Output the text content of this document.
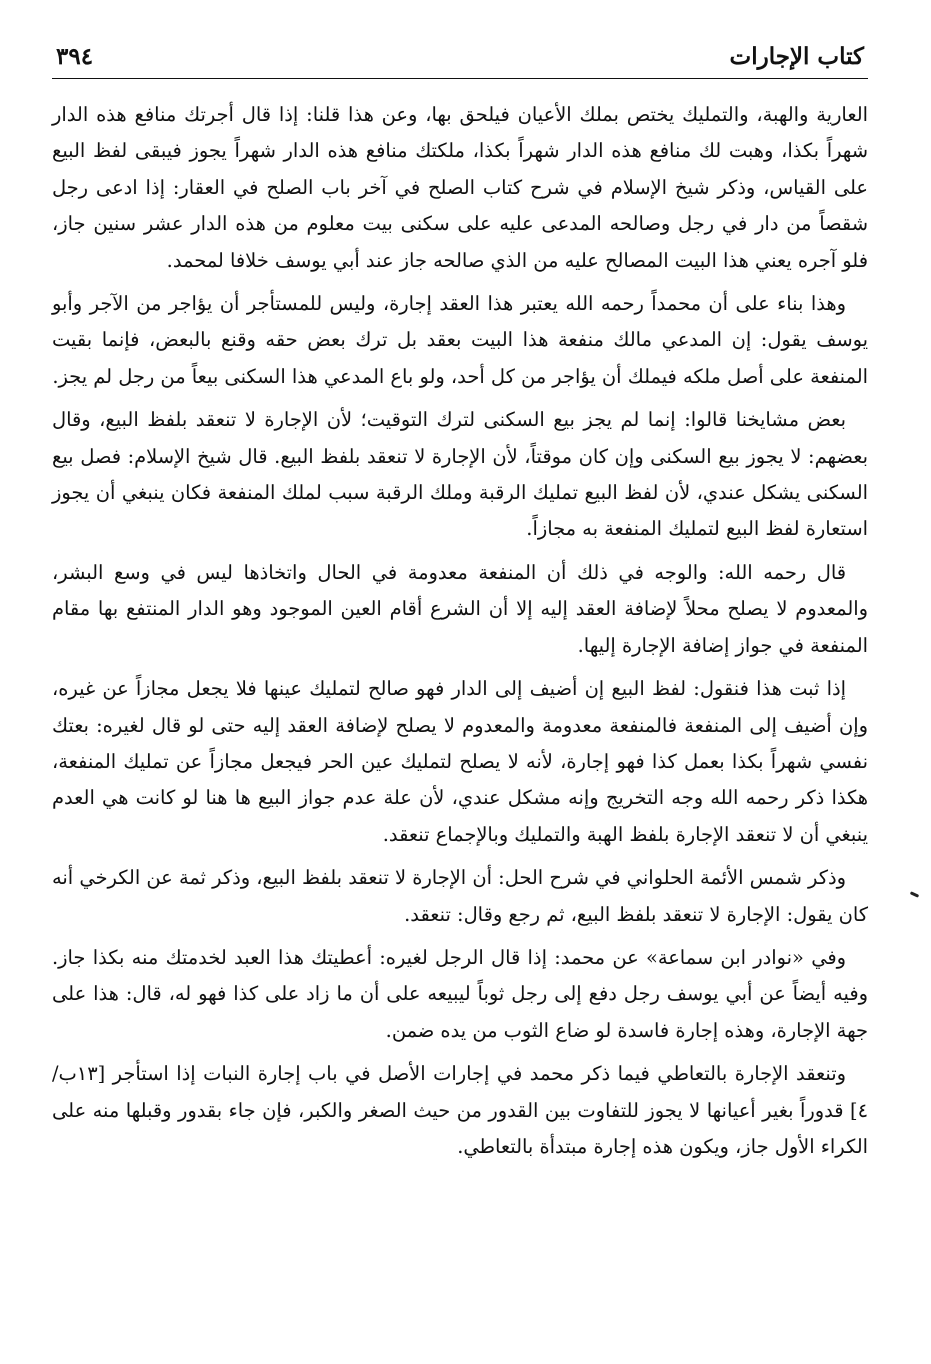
كتاب الإجارات
٣٩٤

العارية والهبة، والتمليك يختص بملك الأعيان فيلحق بها، وعن هذا قلنا: إذا قال أجرتك منافع هذه الدار شهراً بكذا، وهبت لك منافع هذه الدار شهراً بكذا، ملكتك منافع هذه الدار شهراً يجوز فيبقى لفظ البيع على القياس، وذكر شيخ الإسلام في شرح كتاب الصلح في آخر باب الصلح في العقار: إذا ادعى رجل شقصاً من دار في رجل وصالحه المدعى عليه على سكنى بيت معلوم من هذه الدار عشر سنين جاز، فلو آجره يعني هذا البيت المصالح عليه من الذي صالحه جاز عند أبي يوسف خلافا لمحمد.

وهذا بناء على أن محمداً رحمه الله يعتبر هذا العقد إجارة، وليس للمستأجر أن يؤاجر من الآجر وأبو يوسف يقول: إن المدعي مالك منفعة هذا البيت بعقد بل ترك بعض حقه وقنع بالبعض، فإنما بقيت المنفعة على أصل ملكه فيملك أن يؤاجر من كل أحد، ولو باع المدعي هذا السكنى بيعاً من رجل لم يجز.

بعض مشايخنا قالوا: إنما لم يجز بيع السكنى لترك التوقيت؛ لأن الإجارة لا تنعقد بلفظ البيع، وقال بعضهم: لا يجوز بيع السكنى وإن كان موقتاً، لأن الإجارة لا تنعقد بلفظ البيع. قال شيخ الإسلام: فصل بيع السكنى يشكل عندي، لأن لفظ البيع تمليك الرقبة وملك الرقبة سبب لملك المنفعة فكان ينبغي أن يجوز استعارة لفظ البيع لتمليك المنفعة به مجازاً.

قال رحمه الله: والوجه في ذلك أن المنفعة معدومة في الحال واتخاذها ليس في وسع البشر، والمعدوم لا يصلح محلاً لإضافة العقد إليه إلا أن الشرع أقام العين الموجود وهو الدار المنتفع بها مقام المنفعة في جواز إضافة الإجارة إليها.

إذا ثبت هذا فنقول: لفظ البيع إن أضيف إلى الدار فهو صالح لتمليك عينها فلا يجعل مجازاً عن غيره، وإن أضيف إلى المنفعة فالمنفعة معدومة والمعدوم لا يصلح لإضافة العقد إليه حتى لو قال لغيره: بعتك نفسي شهراً بكذا بعمل كذا فهو إجارة، لأنه لا يصلح لتمليك عين الحر فيجعل مجازاً عن تمليك المنفعة، هكذا ذكر رحمه الله وجه التخريج وإنه مشكل عندي، لأن علة عدم جواز البيع ها هنا لو كانت هي العدم ينبغي أن لا تنعقد الإجارة بلفظ الهبة والتمليك وبالإجماع تنعقد.

وذكر شمس الأئمة الحلواني في شرح الحل: أن الإجارة لا تنعقد بلفظ البيع، وذكر ثمة عن الكرخي أنه كان يقول: الإجارة لا تنعقد بلفظ البيع، ثم رجع وقال: تنعقد.

وفي «نوادر ابن سماعة» عن محمد: إذا قال الرجل لغيره: أعطيتك هذا العبد لخدمتك منه بكذا جاز. وفيه أيضاً عن أبي يوسف رجل دفع إلى رجل ثوباً ليبيعه على أن ما زاد على كذا فهو له، قال: هذا على جهة الإجارة، وهذه إجارة فاسدة لو ضاع الثوب من يده ضمن.

وتنعقد الإجارة بالتعاطي فيما ذكر محمد في إجارات الأصل في باب إجارة النبات إذا استأجر [١٣ب/ ٤] قدوراً بغير أعيانها لا يجوز للتفاوت بين القدور من حيث الصغر والكبر، فإن جاء بقدور وقبلها منه على الكراء الأول جاز، ويكون هذه إجارة مبتدأة بالتعاطي.
